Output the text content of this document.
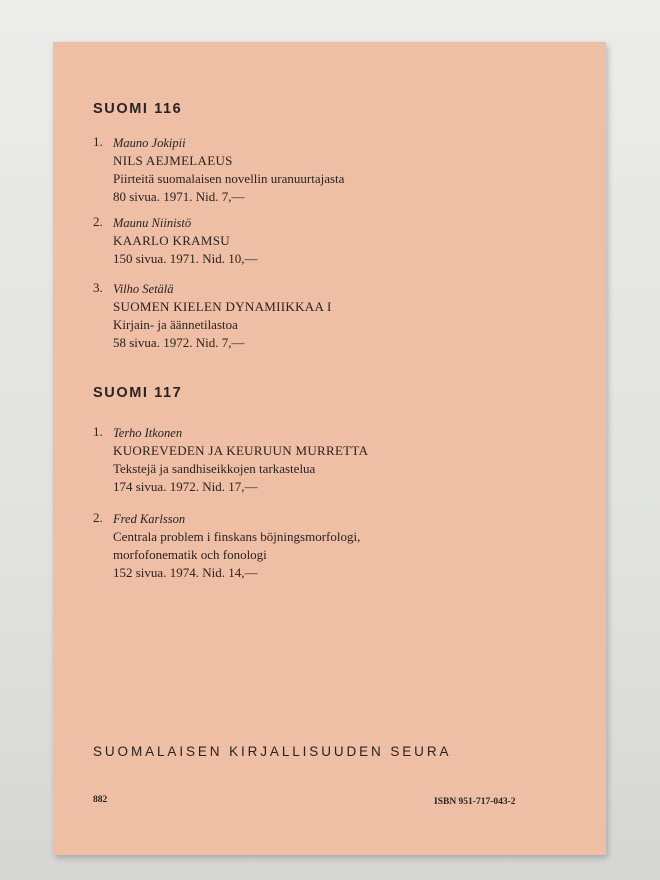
SUOMI 116
1. Mauno Jokipii
NILS AEJMELAEUS
Piirteitä suomalaisen novellin uranuurtajasta
80 sivua. 1971. Nid. 7,—
2. Maunu Niinistö
KAARLO KRAMSU
150 sivua. 1971. Nid. 10,—
3. Vilho Setälä
SUOMEN KIELEN DYNAMIIKKAA I
Kirjain- ja äännetilastoa
58 sivua. 1972. Nid. 7,—
SUOMI 117
1. Terho Itkonen
KUOREVEDEN JA KEURUUN MURRETTA
Tekstejä ja sandhiseikkojen tarkastelua
174 sivua. 1972. Nid. 17,—
2. Fred Karlsson
Centrala problem i finskans böjningsmorfologi,
morfofonematik och fonologi
152 sivua. 1974. Nid. 14,—
SUOMALAISEN KIRJALLISUUDEN SEURA
882	ISBN 951-717-043-2
